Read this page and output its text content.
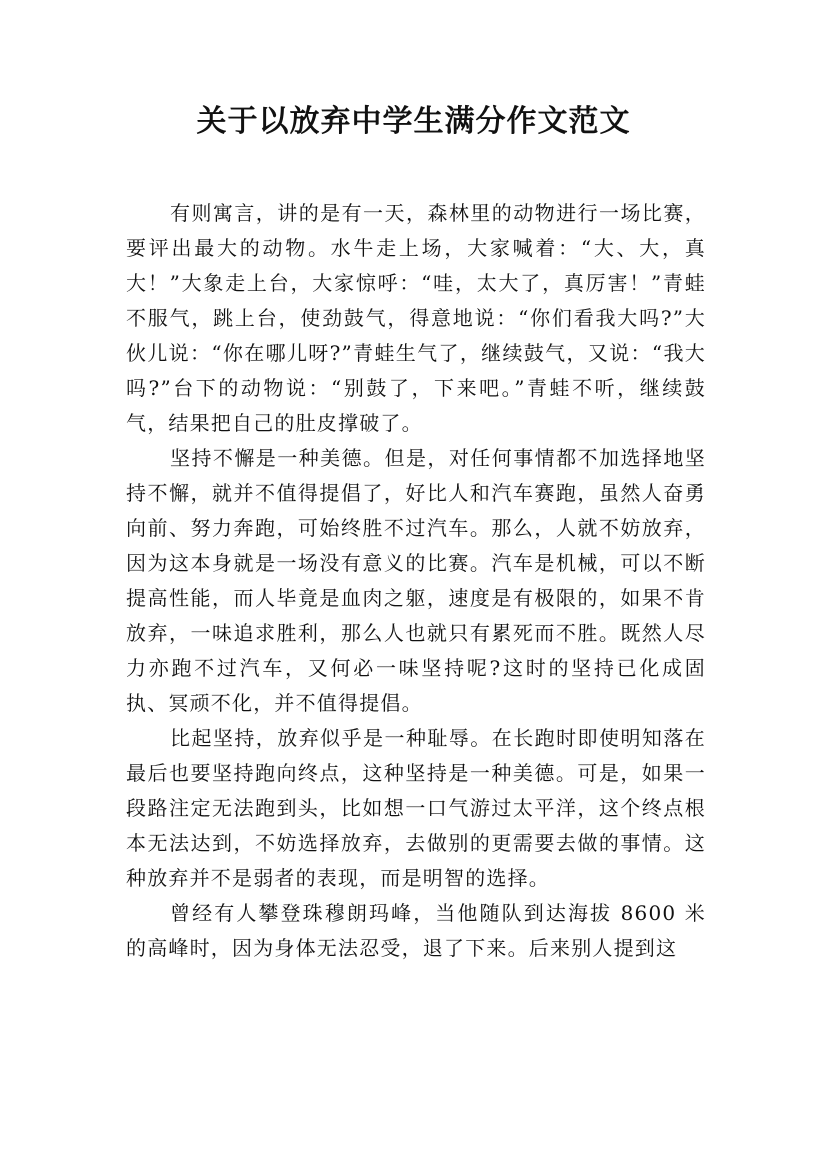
关于以放弃中学生满分作文范文

有则寓言，讲的是有一天，森林里的动物进行一场比赛，要评出最大的动物。水牛走上场，大家喊着：“大、大，真大！”大象走上台，大家惊呼：“哇，太大了，真厉害！”青蛙不服气，跳上台，使劲鼓气，得意地说：“你们看我大吗?”大伙儿说：“你在哪儿呀?”青蛙生气了，继续鼓气，又说：“我大吗?”台下的动物说：“别鼓了，下来吧。”青蛙不听，继续鼓气，结果把自己的肚皮撑破了。

坚持不懈是一种美德。但是，对任何事情都不加选择地坚持不懈，就并不值得提倡了，好比人和汽车赛跑，虽然人奋勇向前、努力奔跑，可始终胜不过汽车。那么，人就不妨放弃，因为这本身就是一场没有意义的比赛。汽车是机械，可以不断提高性能，而人毕竟是血肉之躯，速度是有极限的，如果不肯放弃，一味追求胜利，那么人也就只有累死而不胜。既然人尽力亦跑不过汽车，又何必一味坚持呢?这时的坚持已化成固执、冥顽不化，并不值得提倡。

比起坚持，放弃似乎是一种耻辱。在长跑时即使明知落在最后也要坚持跑向终点，这种坚持是一种美德。可是，如果一段路注定无法跑到头，比如想一口气游过太平洋，这个终点根本无法达到，不妨选择放弃，去做别的更需要去做的事情。这种放弃并不是弱者的表现，而是明智的选择。

曾经有人攀登珠穆朗玛峰，当他随队到达海拔 8600 米的高峰时，因为身体无法忍受，退了下来。后来别人提到这
